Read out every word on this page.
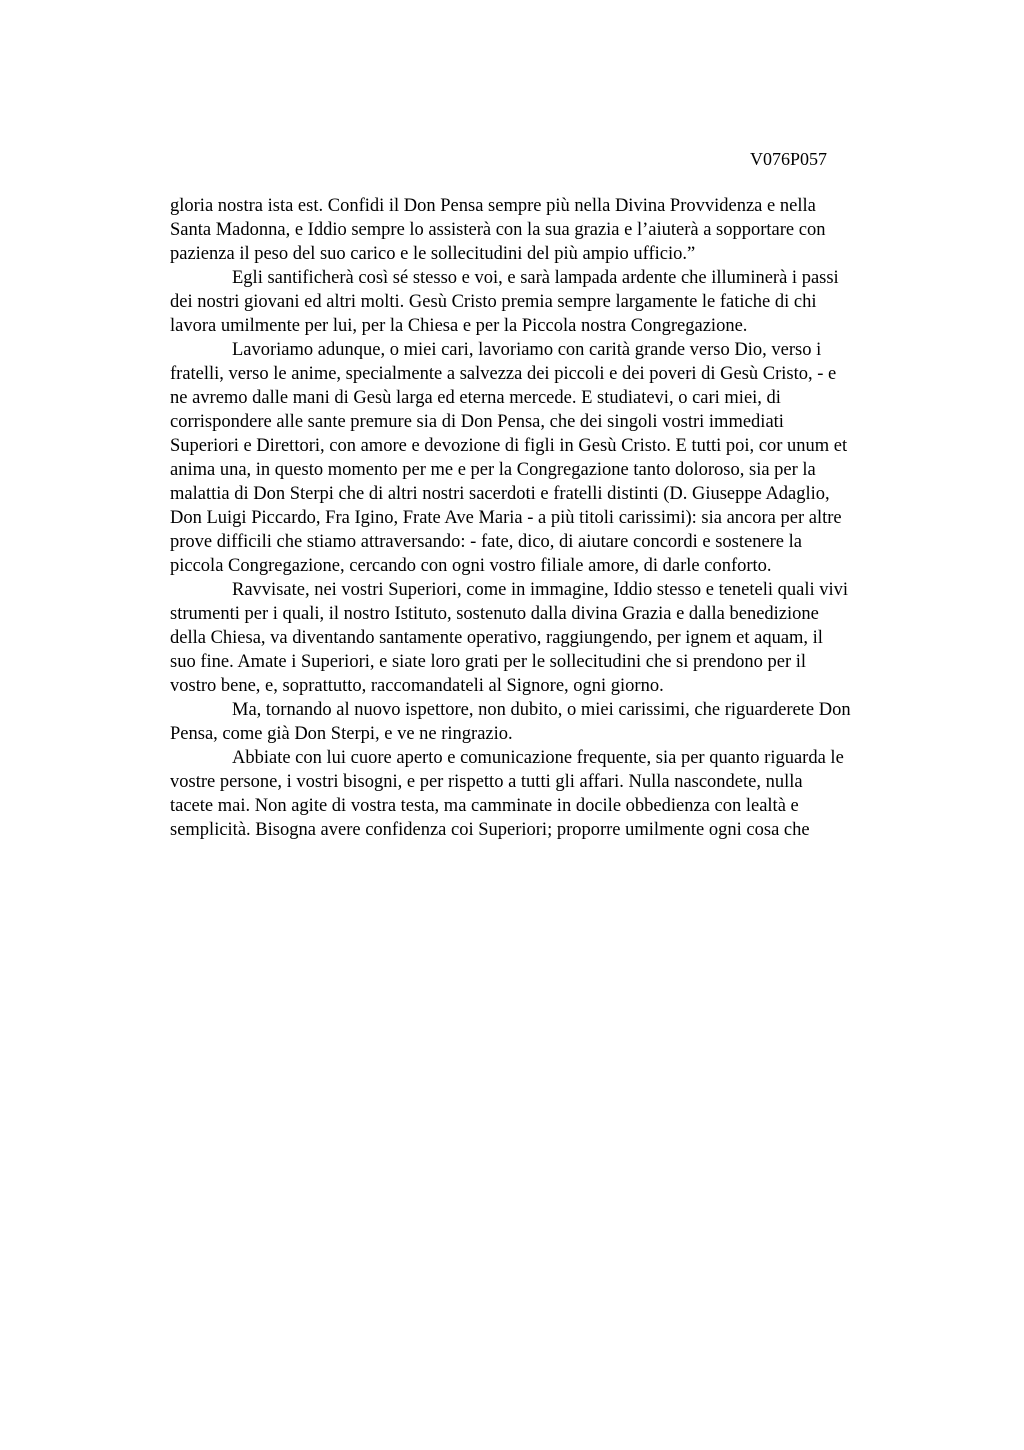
V076P057
gloria nostra ista est. Confidi il Don Pensa sempre più nella Divina Provvidenza e nella
Santa Madonna, e Iddio sempre lo assisterà con la sua grazia e l’aiuterà a sopportare con
pazienza il peso del suo carico e le sollecitudini del più ampio ufficio.”
Egli santificherà così sé stesso e voi, e sarà lampada ardente che illuminerà i passi
dei nostri giovani ed altri molti. Gesù Cristo premia sempre largamente le fatiche di chi
lavora umilmente per lui, per la Chiesa e per la Piccola nostra Congregazione.
Lavoriamo adunque, o miei cari, lavoriamo con carità grande verso Dio, verso i
fratelli, verso le anime, specialmente a salvezza dei piccoli e dei poveri di Gesù Cristo, - e
ne avremo dalle mani di Gesù larga ed eterna mercede. E studiatevi, o cari miei, di
corrispondere alle sante premure sia di Don Pensa, che dei singoli vostri immediati
Superiori e Direttori, con amore e devozione di figli in Gesù Cristo. E tutti poi, cor unum et
anima una, in questo momento per me e per la Congregazione tanto doloroso, sia per la
malattia di Don Sterpi che di altri nostri sacerdoti e fratelli distinti (D. Giuseppe Adaglio,
Don Luigi Piccardo, Fra Igino, Frate Ave Maria - a più titoli carissimi): sia ancora per altre
prove difficili che stiamo attraversando: - fate, dico, di aiutare concordi e sostenere la
piccola Congregazione, cercando con ogni vostro filiale amore, di darle conforto.
Ravvisate, nei vostri Superiori, come in immagine, Iddio stesso e teneteli quali vivi
strumenti per i quali, il nostro Istituto, sostenuto dalla divina Grazia e dalla benedizione
della Chiesa, va diventando santamente operativo, raggiungendo, per ignem et aquam, il
suo fine. Amate i Superiori, e siate loro grati per le sollecitudini che si prendono per il
vostro bene, e, soprattutto, raccomandateli al Signore, ogni giorno.
Ma, tornando al nuovo ispettore, non dubito, o miei carissimi, che riguarderete Don
Pensa, come già Don Sterpi, e ve ne ringrazio.
Abbiate con lui cuore aperto e comunicazione frequente, sia per quanto riguarda le
vostre persone, i vostri bisogni, e per rispetto a tutti gli affari. Nulla nascondete, nulla
tacete mai. Non agite di vostra testa, ma camminate in docile obbedienza con lealtà e
semplicità. Bisogna avere confidenza coi Superiori; proporre umilmente ogni cosa che
